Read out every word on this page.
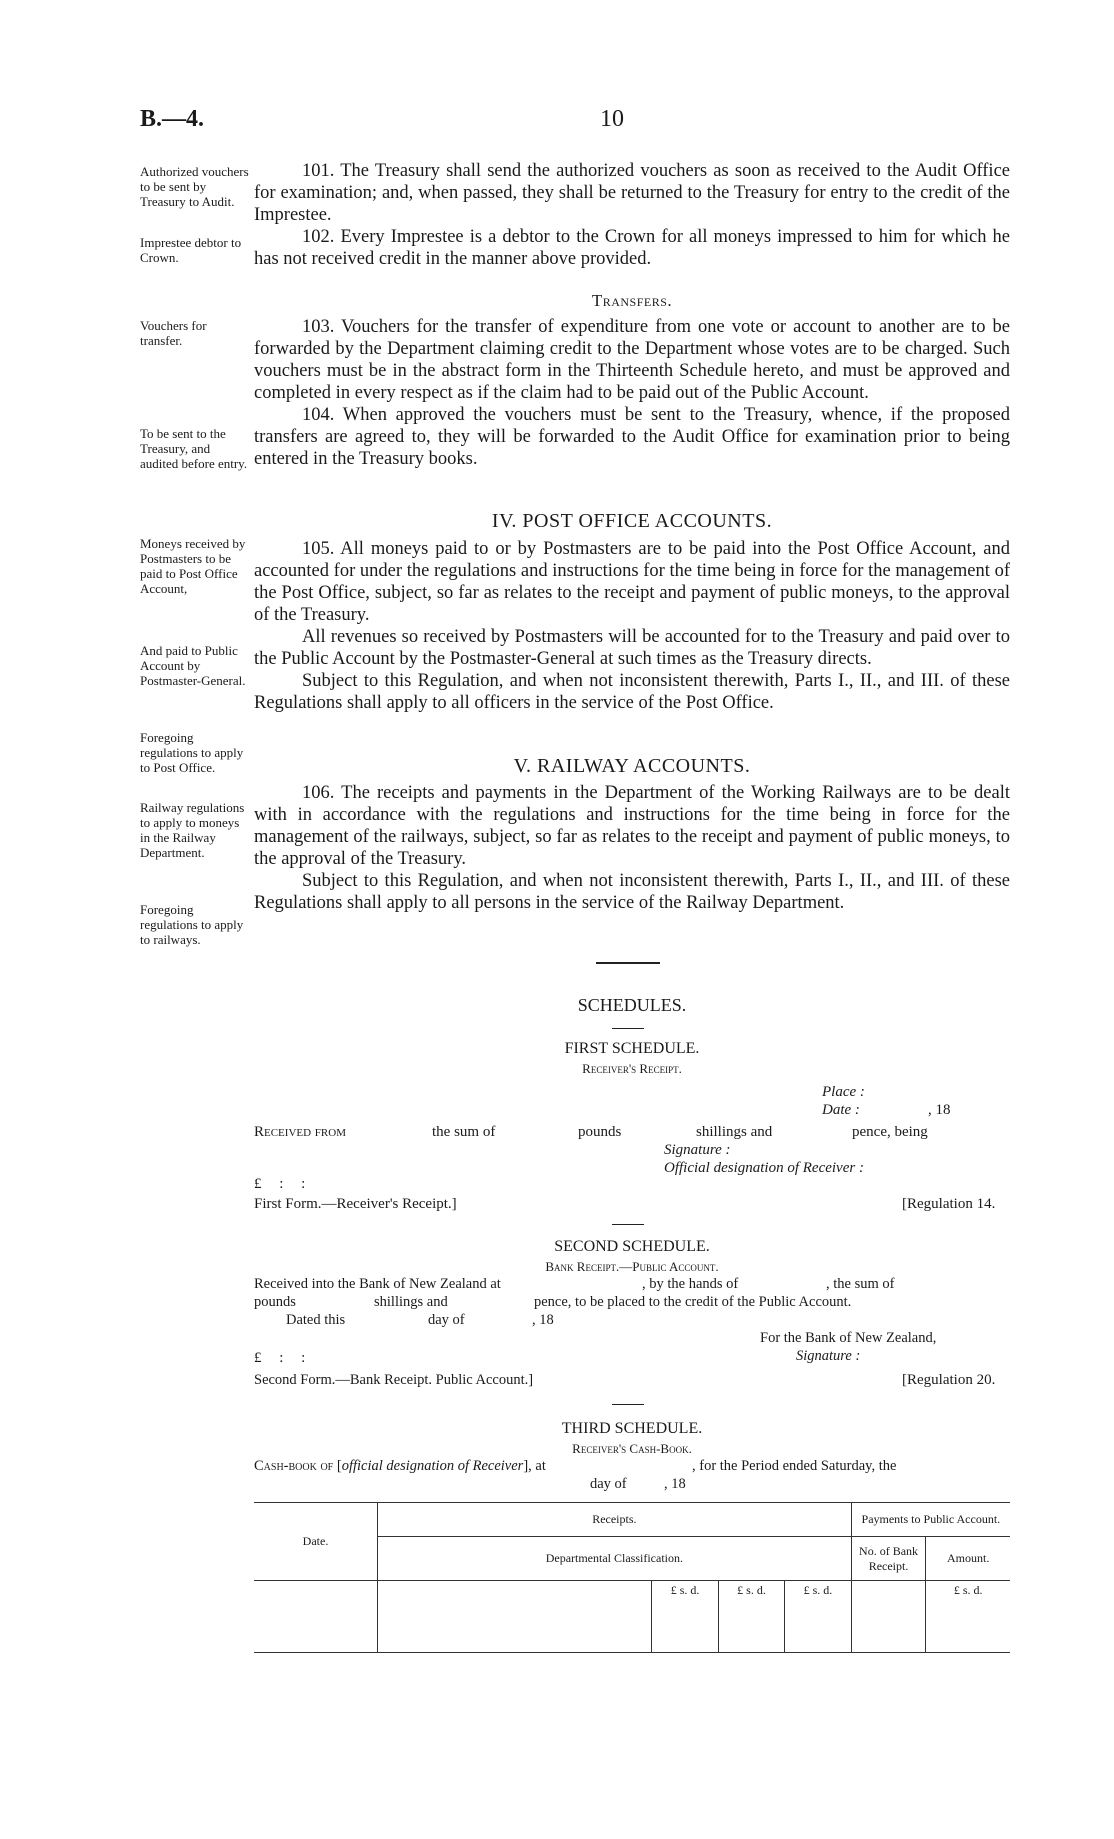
B.—4.	10
Authorized vouchers to be sent by Treasury to Audit.
Imprestee debtor to Crown.
Vouchers for transfer.
To be sent to the Treasury, and audited before entry.
Moneys received by Postmasters to be paid to Post Office Account,
And paid to Public Account by Postmaster-General.
Foregoing regulations to apply to Post Office.
Railway regulations to apply to moneys in the Railway Department.
Foregoing regulations to apply to railways.

101. The Treasury shall send the authorized vouchers as soon as received to the Audit Office for examination; and, when passed, they shall be returned to the Treasury for entry to the credit of the Imprestee.

102. Every Imprestee is a debtor to the Crown for all moneys impressed to him for which he has not received credit in the manner above provided.

Transfers.

103. Vouchers for the transfer of expenditure from one vote or account to another are to be forwarded by the Department claiming credit to the Department whose votes are to be charged. Such vouchers must be in the abstract form in the Thirteenth Schedule hereto, and must be approved and completed in every respect as if the claim had to be paid out of the Public Account.

104. When approved the vouchers must be sent to the Treasury, whence, if the proposed transfers are agreed to, they will be forwarded to the Audit Office for examination prior to being entered in the Treasury books.

IV. POST OFFICE ACCOUNTS.

105. All moneys paid to or by Postmasters are to be paid into the Post Office Account, and accounted for under the regulations and instructions for the time being in force for the management of the Post Office, subject, so far as relates to the receipt and payment of public moneys, to the approval of the Treasury.

All revenues so received by Postmasters will be accounted for to the Treasury and paid over to the Public Account by the Postmaster-General at such times as the Treasury directs.

Subject to this Regulation, and when not inconsistent therewith, Parts I., II., and III. of these Regulations shall apply to all officers in the service of the Post Office.

V. RAILWAY ACCOUNTS.

106. The receipts and payments in the Department of the Working Railways are to be dealt with in accordance with the regulations and instructions for the time being in force for the management of the railways, subject, so far as relates to the receipt and payment of public moneys, to the approval of the Treasury.

Subject to this Regulation, and when not inconsistent therewith, Parts I., II., and III. of these Regulations shall apply to all persons in the service of the Railway Department.

SCHEDULES.
FIRST SCHEDULE.
Receiver's Receipt.
Place :
Date :	, 18
Received from	the sum of	pounds	shillings and	pence, being
Signature :
Official designation of Receiver :
£ : :
First Form.—Receiver's Receipt.]	[Regulation 14.
SECOND SCHEDULE.
Bank Receipt.—Public Account.
Received into the Bank of New Zealand at	, by the hands of	, the sum of
pounds	shillings and	pence, to be placed to the credit of the Public Account.
Dated this	day of	, 18
For the Bank of New Zealand,
Signature :
£ : :
Second Form.—Bank Receipt. Public Account.]	[Regulation 20.
THIRD SCHEDULE.
Receiver's Cash-Book.
Cash-book of [official designation of Receiver], at	, for the Period ended Saturday, the
day of	, 18
Date.	Receipts.				Payments to Public Account.	
	Departmental Classification.				No. of Bank Receipt.	Amount.
		£ s. d.	£ s. d.	£ s. d.		£ s. d.
